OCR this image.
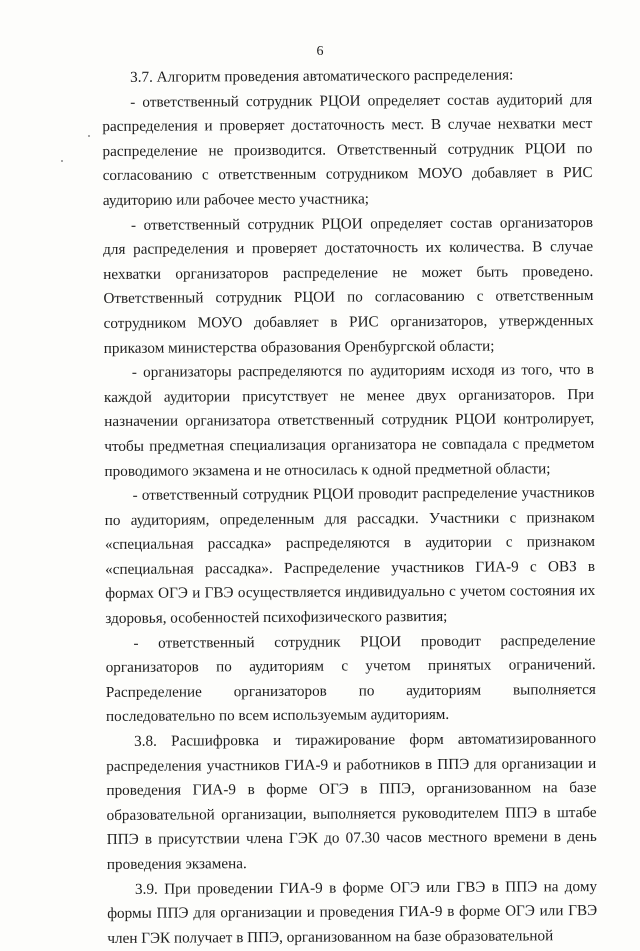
6

3.7. Алгоритм проведения автоматического распределения:

- ответственный сотрудник РЦОИ определяет состав аудиторий для распределения и проверяет достаточность мест. В случае нехватки мест распределение не производится. Ответственный сотрудник РЦОИ по согласованию с ответственным сотрудником МОУО добавляет в РИС аудиторию или рабочее место участника;

- ответственный сотрудник РЦОИ определяет состав организаторов для распределения и проверяет достаточность их количества. В случае нехватки организаторов распределение не может быть проведено. Ответственный сотрудник РЦОИ по согласованию с ответственным сотрудником МОУО добавляет в РИС организаторов, утвержденных приказом министерства образования Оренбургской области;

- организаторы распределяются по аудиториям исходя из того, что в каждой аудитории присутствует не менее двух организаторов. При назначении организатора ответственный сотрудник РЦОИ контролирует, чтобы предметная специализация организатора не совпадала с предметом проводимого экзамена и не относилась к одной предметной области;

- ответственный сотрудник РЦОИ проводит распределение участников по аудиториям, определенным для рассадки. Участники с признаком «специальная рассадка» распределяются в аудитории с признаком «специальная рассадка». Распределение участников ГИА-9 с ОВЗ в формах ОГЭ и ГВЭ осуществляется индивидуально с учетом состояния их здоровья, особенностей психофизического развития;

- ответственный сотрудник РЦОИ проводит распределение организаторов по аудиториям с учетом принятых ограничений. Распределение организаторов по аудиториям выполняется последовательно по всем используемым аудиториям.

3.8. Расшифровка и тиражирование форм автоматизированного распределения участников ГИА-9 и работников в ППЭ для организации и проведения ГИА-9 в форме ОГЭ в ППЭ, организованном на базе образовательной организации, выполняется руководителем ППЭ в штабе ППЭ в присутствии члена ГЭК до 07.30 часов местного времени в день проведения экзамена.

3.9. При проведении ГИА-9 в форме ОГЭ или ГВЭ в ППЭ на дому формы ППЭ для организации и проведения ГИА-9 в форме ОГЭ или ГВЭ член ГЭК получает в ППЭ, организованном на базе образовательной
